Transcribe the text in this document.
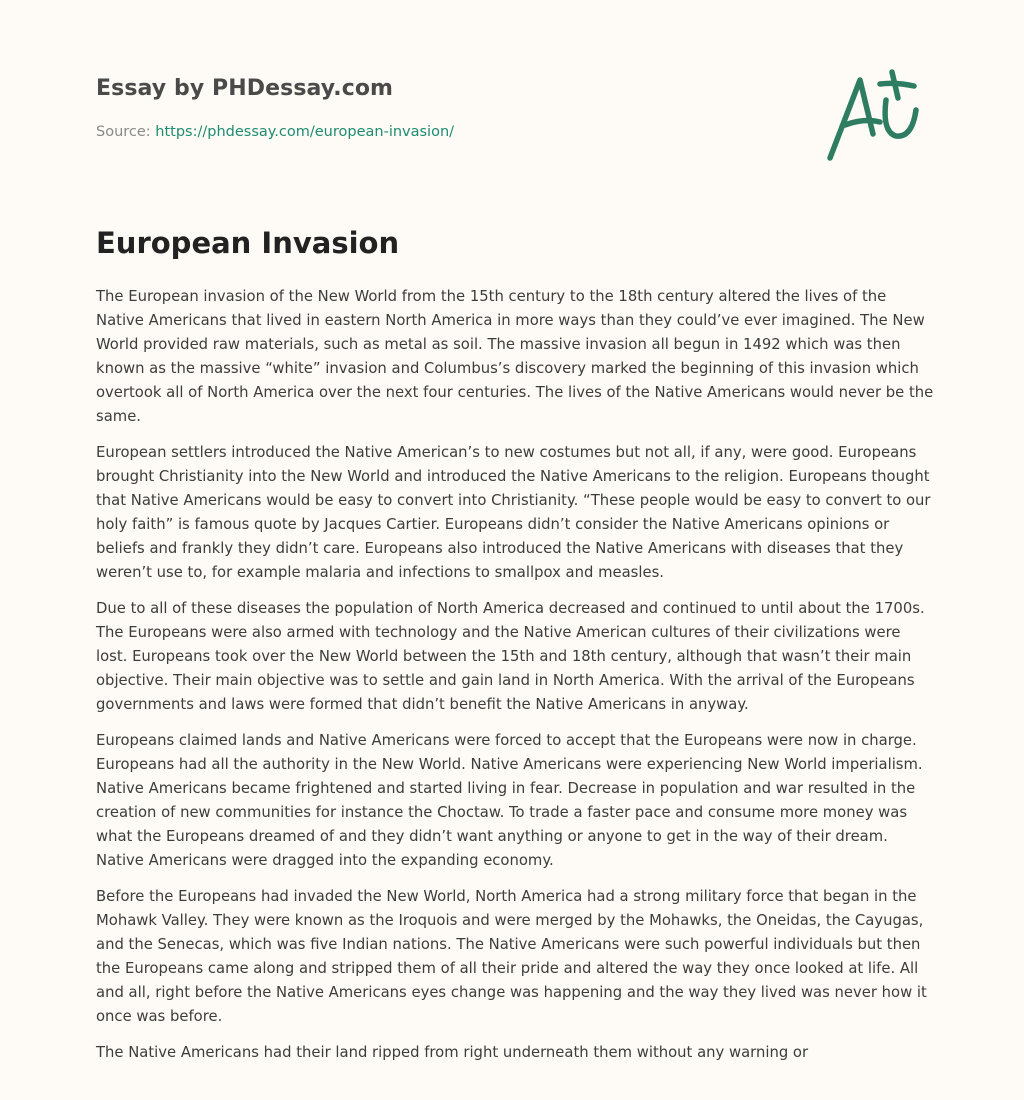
Essay by PHDessay.com
Source: https://phdessay.com/european-invasion/
European Invasion

The European invasion of the New World from the 15th century to the 18th century altered the lives of the Native Americans that lived in eastern North America in more ways than they could’ve ever imagined. The New World provided raw materials, such as metal as soil. The massive invasion all begun in 1492 which was then known as the massive “white” invasion and Columbus’s discovery marked the beginning of this invasion which overtook all of North America over the next four centuries. The lives of the Native Americans would never be the same.

European settlers introduced the Native American’s to new costumes but not all, if any, were good. Europeans brought Christianity into the New World and introduced the Native Americans to the religion. Europeans thought that Native Americans would be easy to convert into Christianity. “These people would be easy to convert to our holy faith” is famous quote by Jacques Cartier. Europeans didn’t consider the Native Americans opinions or beliefs and frankly they didn’t care. Europeans also introduced the Native Americans with diseases that they weren’t use to, for example malaria and infections to smallpox and measles.

Due to all of these diseases the population of North America decreased and continued to until about the 1700s. The Europeans were also armed with technology and the Native American cultures of their civilizations were lost. Europeans took over the New World between the 15th and 18th century, although that wasn’t their main objective. Their main objective was to settle and gain land in North America. With the arrival of the Europeans governments and laws were formed that didn’t benefit the Native Americans in anyway.

Europeans claimed lands and Native Americans were forced to accept that the Europeans were now in charge. Europeans had all the authority in the New World. Native Americans were experiencing New World imperialism. Native Americans became frightened and started living in fear. Decrease in population and war resulted in the creation of new communities for instance the Choctaw. To trade a faster pace and consume more money was what the Europeans dreamed of and they didn’t want anything or anyone to get in the way of their dream. Native Americans were dragged into the expanding economy.

Before the Europeans had invaded the New World, North America had a strong military force that began in the Mohawk Valley. They were known as the Iroquois and were merged by the Mohawks, the Oneidas, the Cayugas, and the Senecas, which was five Indian nations. The Native Americans were such powerful individuals but then the Europeans came along and stripped them of all their pride and altered the way they once looked at life. All and all, right before the Native Americans eyes change was happening and the way they lived was never how it once was before.

The Native Americans had their land ripped from right underneath them without any warning or
